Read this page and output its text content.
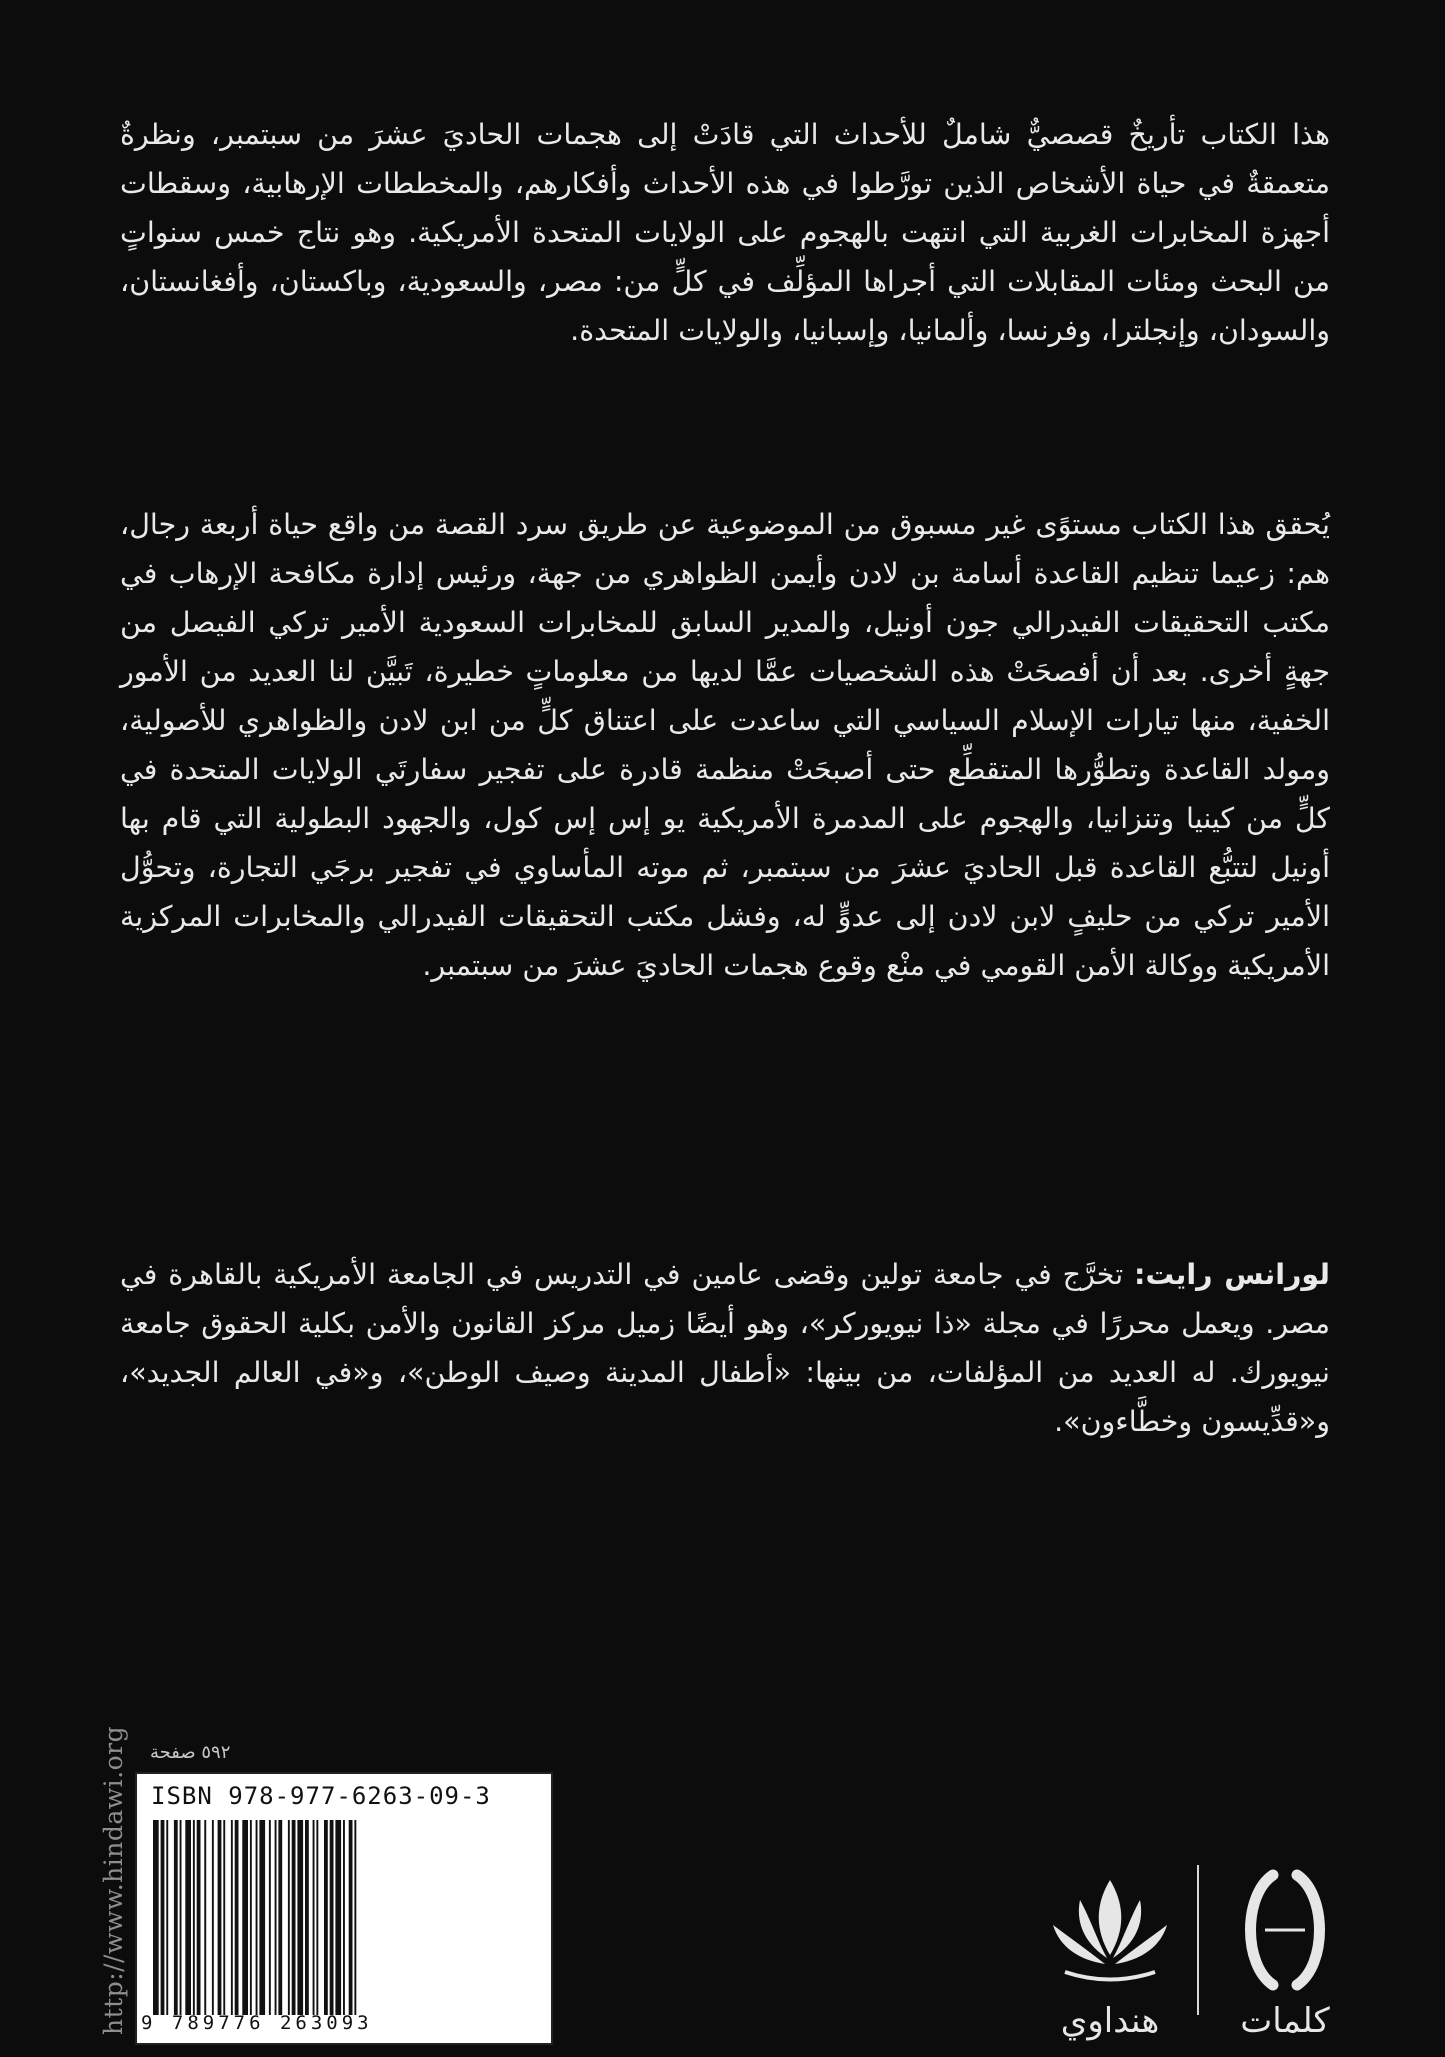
هذا الكتاب تأريخٌ قصصيٌّ شاملٌ للأحداث التي قادَتْ إلى هجمات الحاديَ عشرَ من سبتمبر، ونظرةٌ متعمقةٌ في حياة الأشخاص الذين تورَّطوا في هذه الأحداث وأفكارهم، والمخططات الإرهابية، وسقطات أجهزة المخابرات الغربية التي انتهت بالهجوم على الولايات المتحدة الأمريكية. وهو نتاج خمس سنواتٍ من البحث ومئات المقابلات التي أجراها المؤلِّف في كلٍّ من: مصر، والسعودية، وباكستان، وأفغانستان، والسودان، وإنجلترا، وفرنسا، وألمانيا، وإسبانيا، والولايات المتحدة.

يُحقق هذا الكتاب مستوًى غير مسبوق من الموضوعية عن طريق سرد القصة من واقع حياة أربعة رجال، هم: زعيما تنظيم القاعدة أسامة بن لادن وأيمن الظواهري من جهة، ورئيس إدارة مكافحة الإرهاب في مكتب التحقيقات الفيدرالي جون أونيل، والمدير السابق للمخابرات السعودية الأمير تركي الفيصل من جهةٍ أخرى. بعد أن أفصحَتْ هذه الشخصيات عمَّا لديها من معلوماتٍ خطيرة، تَبيَّن لنا العديد من الأمور الخفية، منها تيارات الإسلام السياسي التي ساعدت على اعتناق كلٍّ من ابن لادن والظواهري للأصولية، ومولد القاعدة وتطوُّرها المتقطِّع حتى أصبحَتْ منظمة قادرة على تفجير سفارتَي الولايات المتحدة في كلٍّ من كينيا وتنزانيا، والهجوم على المدمرة الأمريكية يو إس إس كول، والجهود البطولية التي قام بها أونيل لتتبُّع القاعدة قبل الحاديَ عشرَ من سبتمبر، ثم موته المأساوي في تفجير برجَي التجارة، وتحوُّل الأمير تركي من حليفٍ لابن لادن إلى عدوٍّ له، وفشل مكتب التحقيقات الفيدرالي والمخابرات المركزية الأمريكية ووكالة الأمن القومي في منْع وقوع هجمات الحاديَ عشرَ من سبتمبر.

لورانس رايت: تخرَّج في جامعة تولين وقضى عامين في التدريس في الجامعة الأمريكية بالقاهرة في مصر. ويعمل محررًا في مجلة «ذا نيويوركر»، وهو أيضًا زميل مركز القانون والأمن بكلية الحقوق جامعة نيويورك. له العديد من المؤلفات، من بينها: «أطفال المدينة وصيف الوطن»، و«في العالم الجديد»، و«قدِّيسون وخطَّاءون».

http://www.hindawi.org ٥٩٢ صفحة
ISBN 978-977-6263-09-3
9 789776 263093	كلمات
هنداوي
